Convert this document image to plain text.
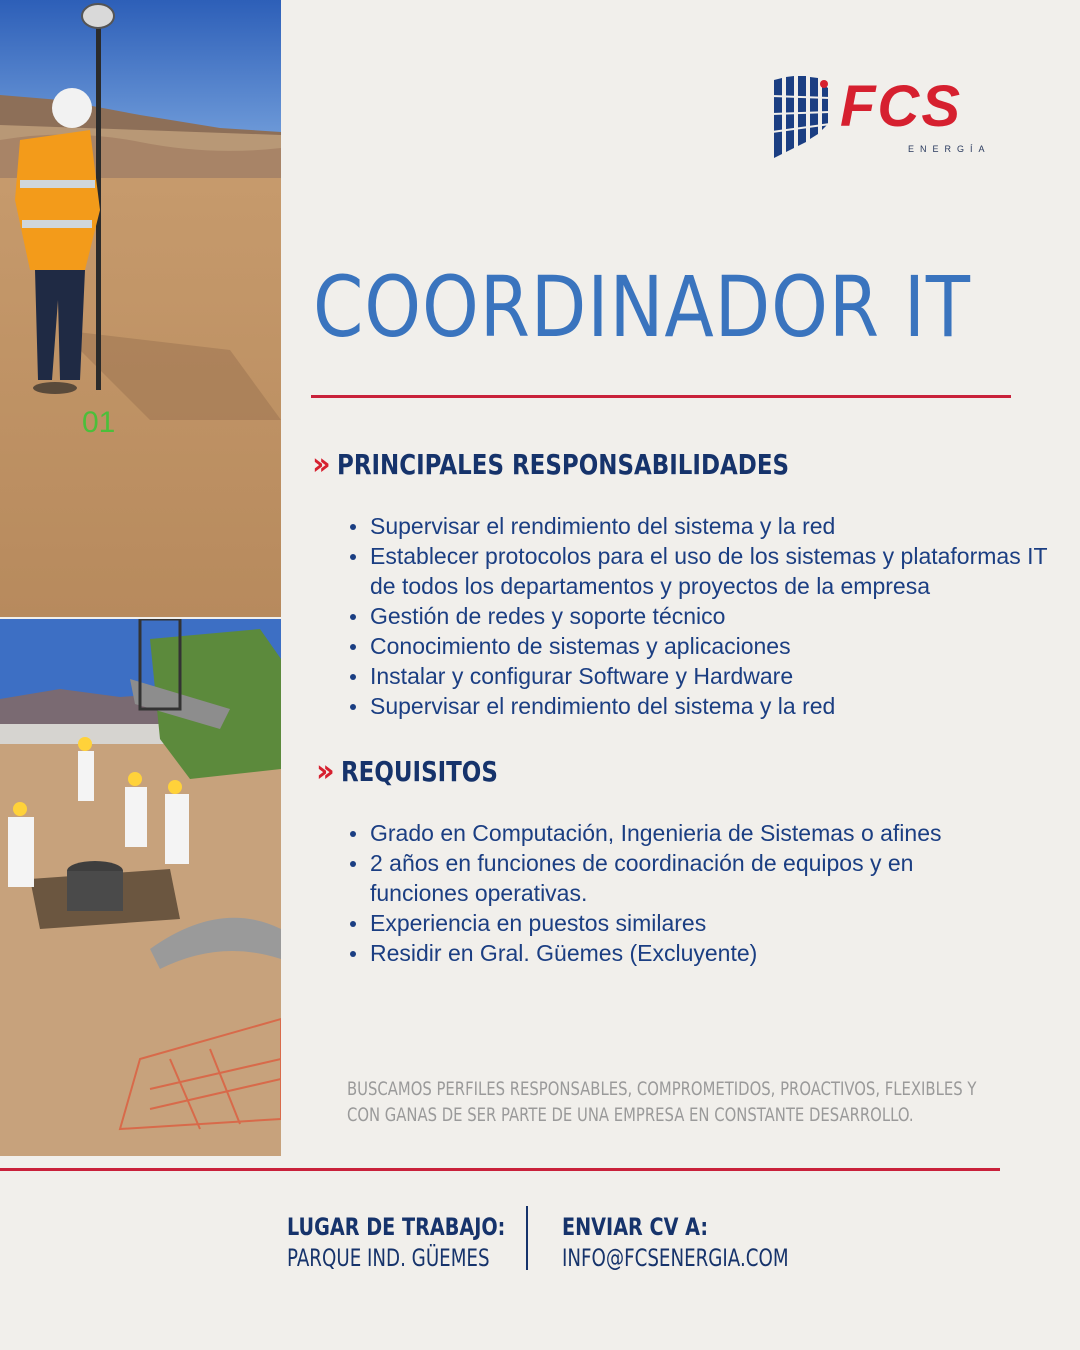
01
FCS
ENERGÍA
COORDINADOR IT
›› PRINCIPALES RESPONSABILIDADES
Supervisar el rendimiento del sistema y la red
Establecer protocolos para el uso de los sistemas y plataformas IT de todos los departamentos y proyectos de la empresa
Gestión de redes y soporte técnico
Conocimiento de sistemas y aplicaciones
Instalar y configurar Software y Hardware
Supervisar el rendimiento del sistema y la red
›› REQUISITOS
Grado en Computación, Ingenieria de Sistemas o afines
2 años en funciones de coordinación de equipos y en funciones operativas.
Experiencia en puestos similares
Residir en Gral. Güemes (Excluyente)
BUSCAMOS PERFILES RESPONSABLES, COMPROMETIDOS, PROACTIVOS, FLEXIBLES Y CON GANAS DE SER PARTE DE UNA EMPRESA EN CONSTANTE DESARROLLO.
LUGAR DE TRABAJO:
PARQUE IND. GÜEMES
ENVIAR CV A:
INFO@FCSENERGIA.COM
